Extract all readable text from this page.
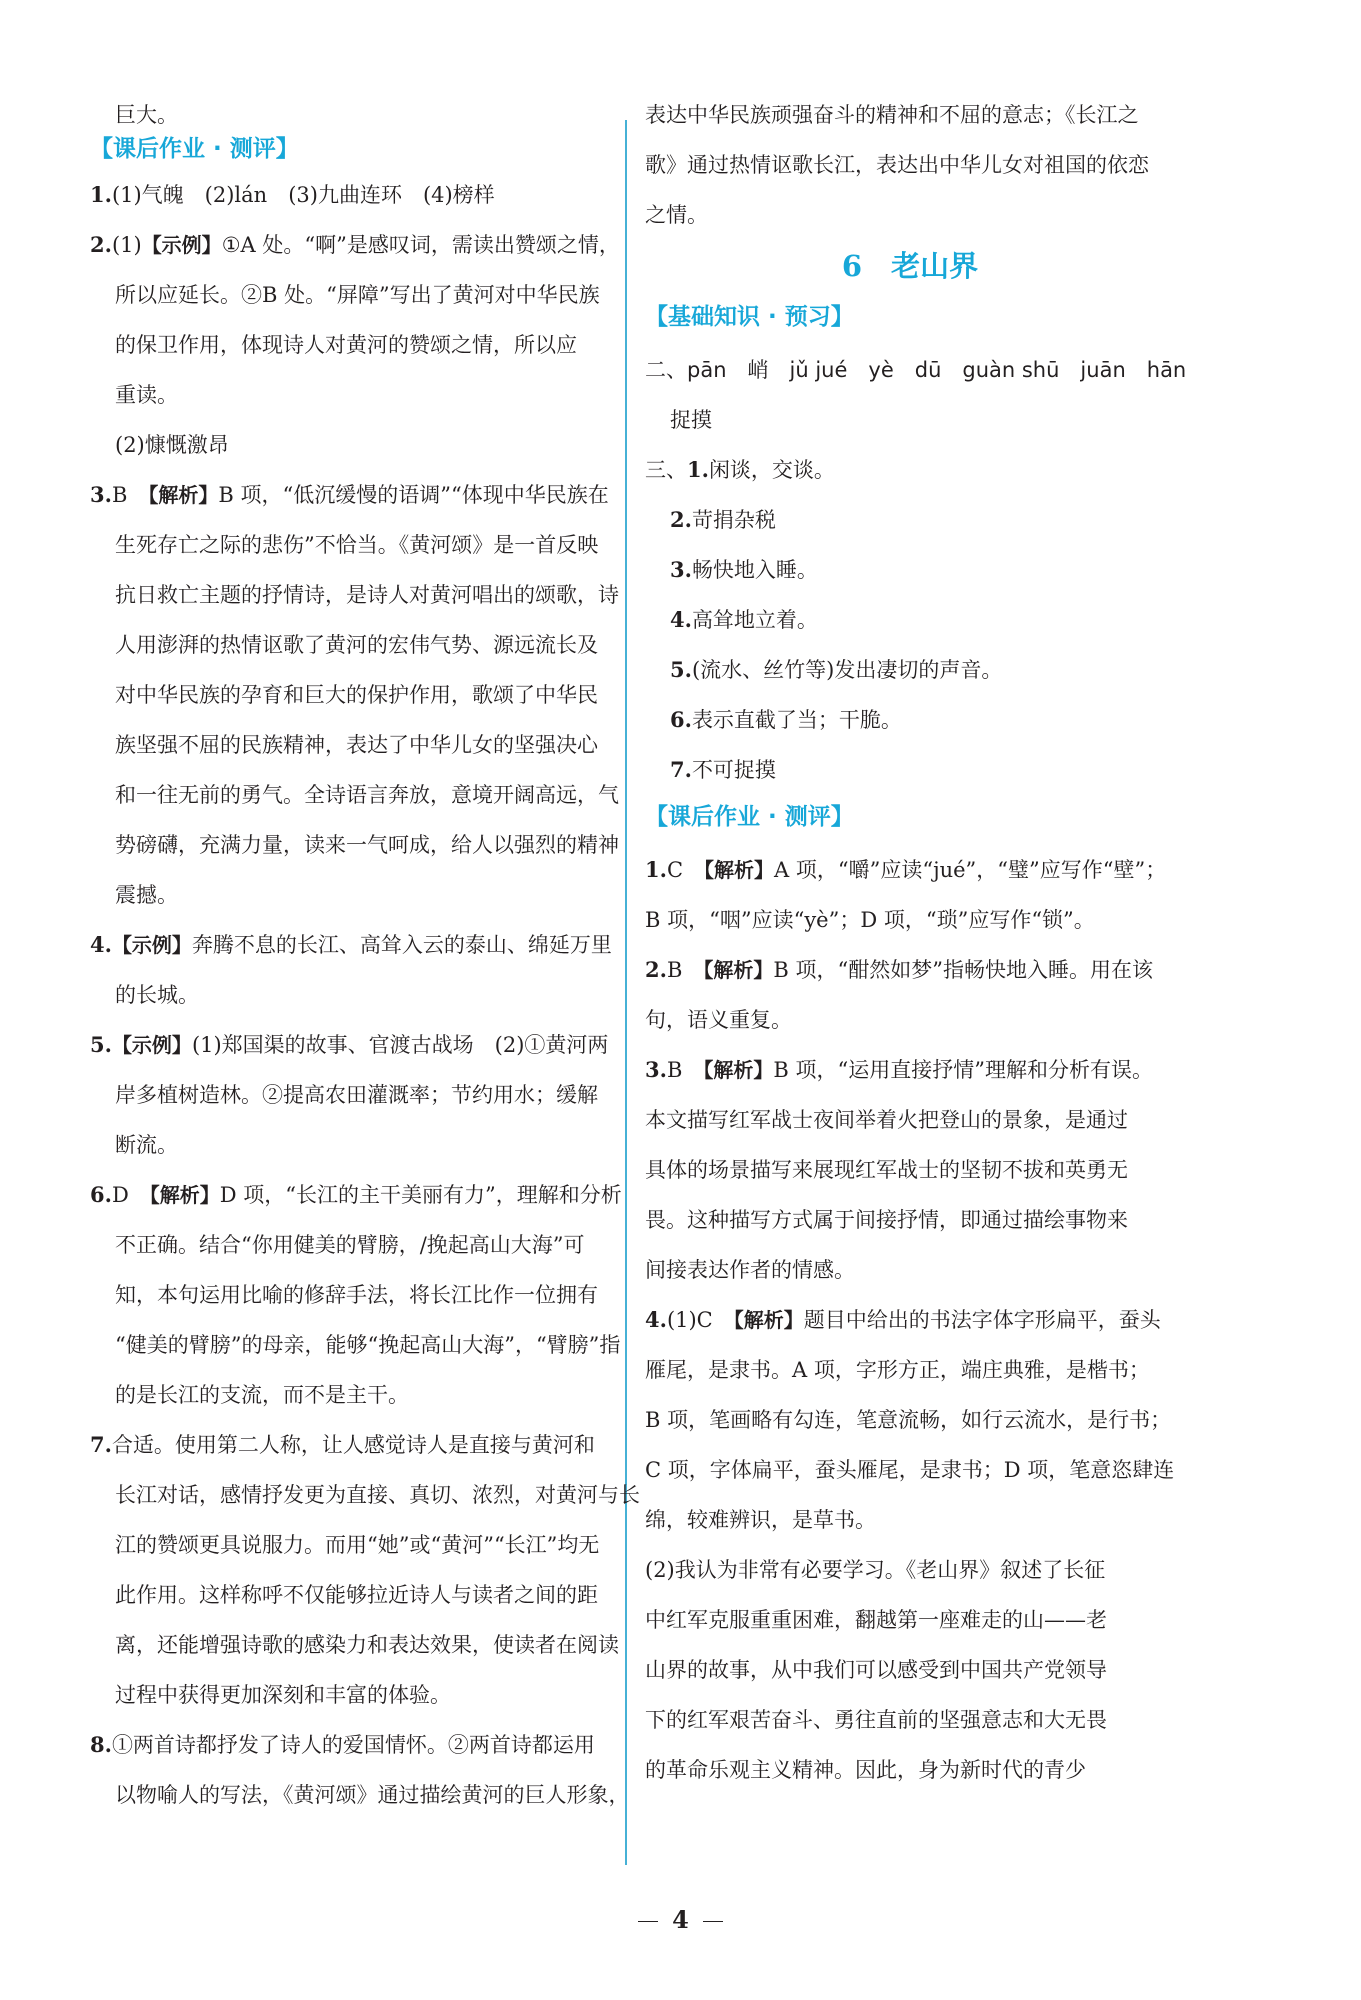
巨大。
【课后作业 · 测评】
1.(1)气魄　(2)lán　(3)九曲连环　(4)榜样
2.(1)【示例】①A 处。“啊”是感叹词，需读出赞颂之情，
所以应延长。②B 处。“屏障”写出了黄河对中华民族
的保卫作用，体现诗人对黄河的赞颂之情，所以应
重读。
(2)慷慨激昂
3.B　【解析】B 项，“低沉缓慢的语调”“体现中华民族在
生死存亡之际的悲伤”不恰当。《黄河颂》是一首反映
抗日救亡主题的抒情诗，是诗人对黄河唱出的颂歌，诗
人用澎湃的热情讴歌了黄河的宏伟气势、源远流长及
对中华民族的孕育和巨大的保护作用，歌颂了中华民
族坚强不屈的民族精神，表达了中华儿女的坚强决心
和一往无前的勇气。全诗语言奔放，意境开阔高远，气
势磅礴，充满力量，读来一气呵成，给人以强烈的精神
震撼。
4.【示例】奔腾不息的长江、高耸入云的泰山、绵延万里
的长城。
5.【示例】(1)郑国渠的故事、官渡古战场　(2)①黄河两
岸多植树造林。②提高农田灌溉率；节约用水；缓解
断流。
6.D　【解析】D 项，“长江的主干美丽有力”，理解和分析
不正确。结合“你用健美的臂膀，/挽起高山大海”可
知，本句运用比喻的修辞手法，将长江比作一位拥有
“健美的臂膀”的母亲，能够“挽起高山大海”，“臂膀”指
的是长江的支流，而不是主干。
7.合适。使用第二人称，让人感觉诗人是直接与黄河和
长江对话，感情抒发更为直接、真切、浓烈，对黄河与长
江的赞颂更具说服力。而用“她”或“黄河”“长江”均无
此作用。这样称呼不仅能够拉近诗人与读者之间的距
离，还能增强诗歌的感染力和表达效果，使读者在阅读
过程中获得更加深刻和丰富的体验。
8.①两首诗都抒发了诗人的爱国情怀。②两首诗都运用
以物喻人的写法，《黄河颂》通过描绘黄河的巨人形象，
表达中华民族顽强奋斗的精神和不屈的意志；《长江之
歌》通过热情讴歌长江，表达出中华儿女对祖国的依恋
之情。
6　老山界
【基础知识 · 预习】
二、pān　峭　jǔ jué　yè　dū　guàn shū　juān　hān
捉摸
三、1.闲谈，交谈。
2.苛捐杂税
3.畅快地入睡。
4.高耸地立着。
5.(流水、丝竹等)发出凄切的声音。
6.表示直截了当；干脆。
7.不可捉摸
【课后作业 · 测评】
1.C　【解析】A 项，“嚼”应读“jué”，“璧”应写作“壁”；
B 项，“咽”应读“yè”；D 项，“琐”应写作“锁”。
2.B　【解析】B 项，“酣然如梦”指畅快地入睡。用在该
句，语义重复。
3.B　【解析】B 项，“运用直接抒情”理解和分析有误。
本文描写红军战士夜间举着火把登山的景象，是通过
具体的场景描写来展现红军战士的坚韧不拔和英勇无
畏。这种描写方式属于间接抒情，即通过描绘事物来
间接表达作者的情感。
4.(1)C　【解析】题目中给出的书法字体字形扁平，蚕头
雁尾，是隶书。A 项，字形方正，端庄典雅，是楷书；
B 项，笔画略有勾连，笔意流畅，如行云流水，是行书；
C 项，字体扁平，蚕头雁尾，是隶书；D 项，笔意恣肆连
绵，较难辨识，是草书。
(2)我认为非常有必要学习。《老山界》叙述了长征
中红军克服重重困难，翻越第一座难走的山——老
山界的故事，从中我们可以感受到中国共产党领导
下的红军艰苦奋斗、勇往直前的坚强意志和大无畏
的革命乐观主义精神。因此，身为新时代的青少
4
